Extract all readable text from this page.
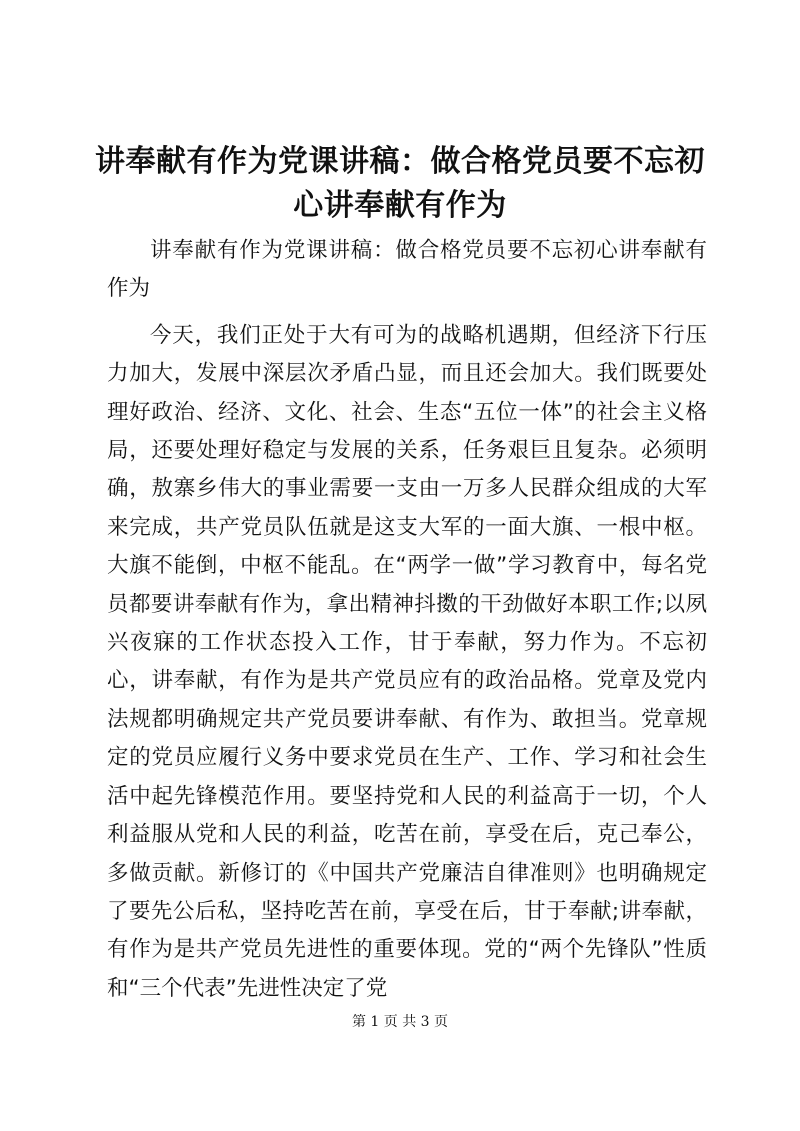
讲奉献有作为党课讲稿：做合格党员要不忘初心讲奉献有作为

讲奉献有作为党课讲稿：做合格党员要不忘初心讲奉献有作为

今天，我们正处于大有可为的战略机遇期，但经济下行压力加大，发展中深层次矛盾凸显，而且还会加大。我们既要处理好政治、经济、文化、社会、生态“五位一体”的社会主义格局，还要处理好稳定与发展的关系，任务艰巨且复杂。必须明确，敖寨乡伟大的事业需要一支由一万多人民群众组成的大军来完成，共产党员队伍就是这支大军的一面大旗、一根中枢。大旗不能倒，中枢不能乱。在“两学一做”学习教育中，每名党员都要讲奉献有作为，拿出精神抖擞的干劲做好本职工作;以夙兴夜寐的工作状态投入工作，甘于奉献，努力作为。不忘初心，讲奉献，有作为是共产党员应有的政治品格。党章及党内法规都明确规定共产党员要讲奉献、有作为、敢担当。党章规定的党员应履行义务中要求党员在生产、工作、学习和社会生活中起先锋模范作用。要坚持党和人民的利益高于一切，个人利益服从党和人民的利益，吃苦在前，享受在后，克己奉公，多做贡献。新修订的《中国共产党廉洁自律准则》也明确规定了要先公后私，坚持吃苦在前，享受在后，甘于奉献;讲奉献，有作为是共产党员先进性的重要体现。党的“两个先锋队”性质和“三个代表”先进性决定了党

第 1 页 共 3 页
